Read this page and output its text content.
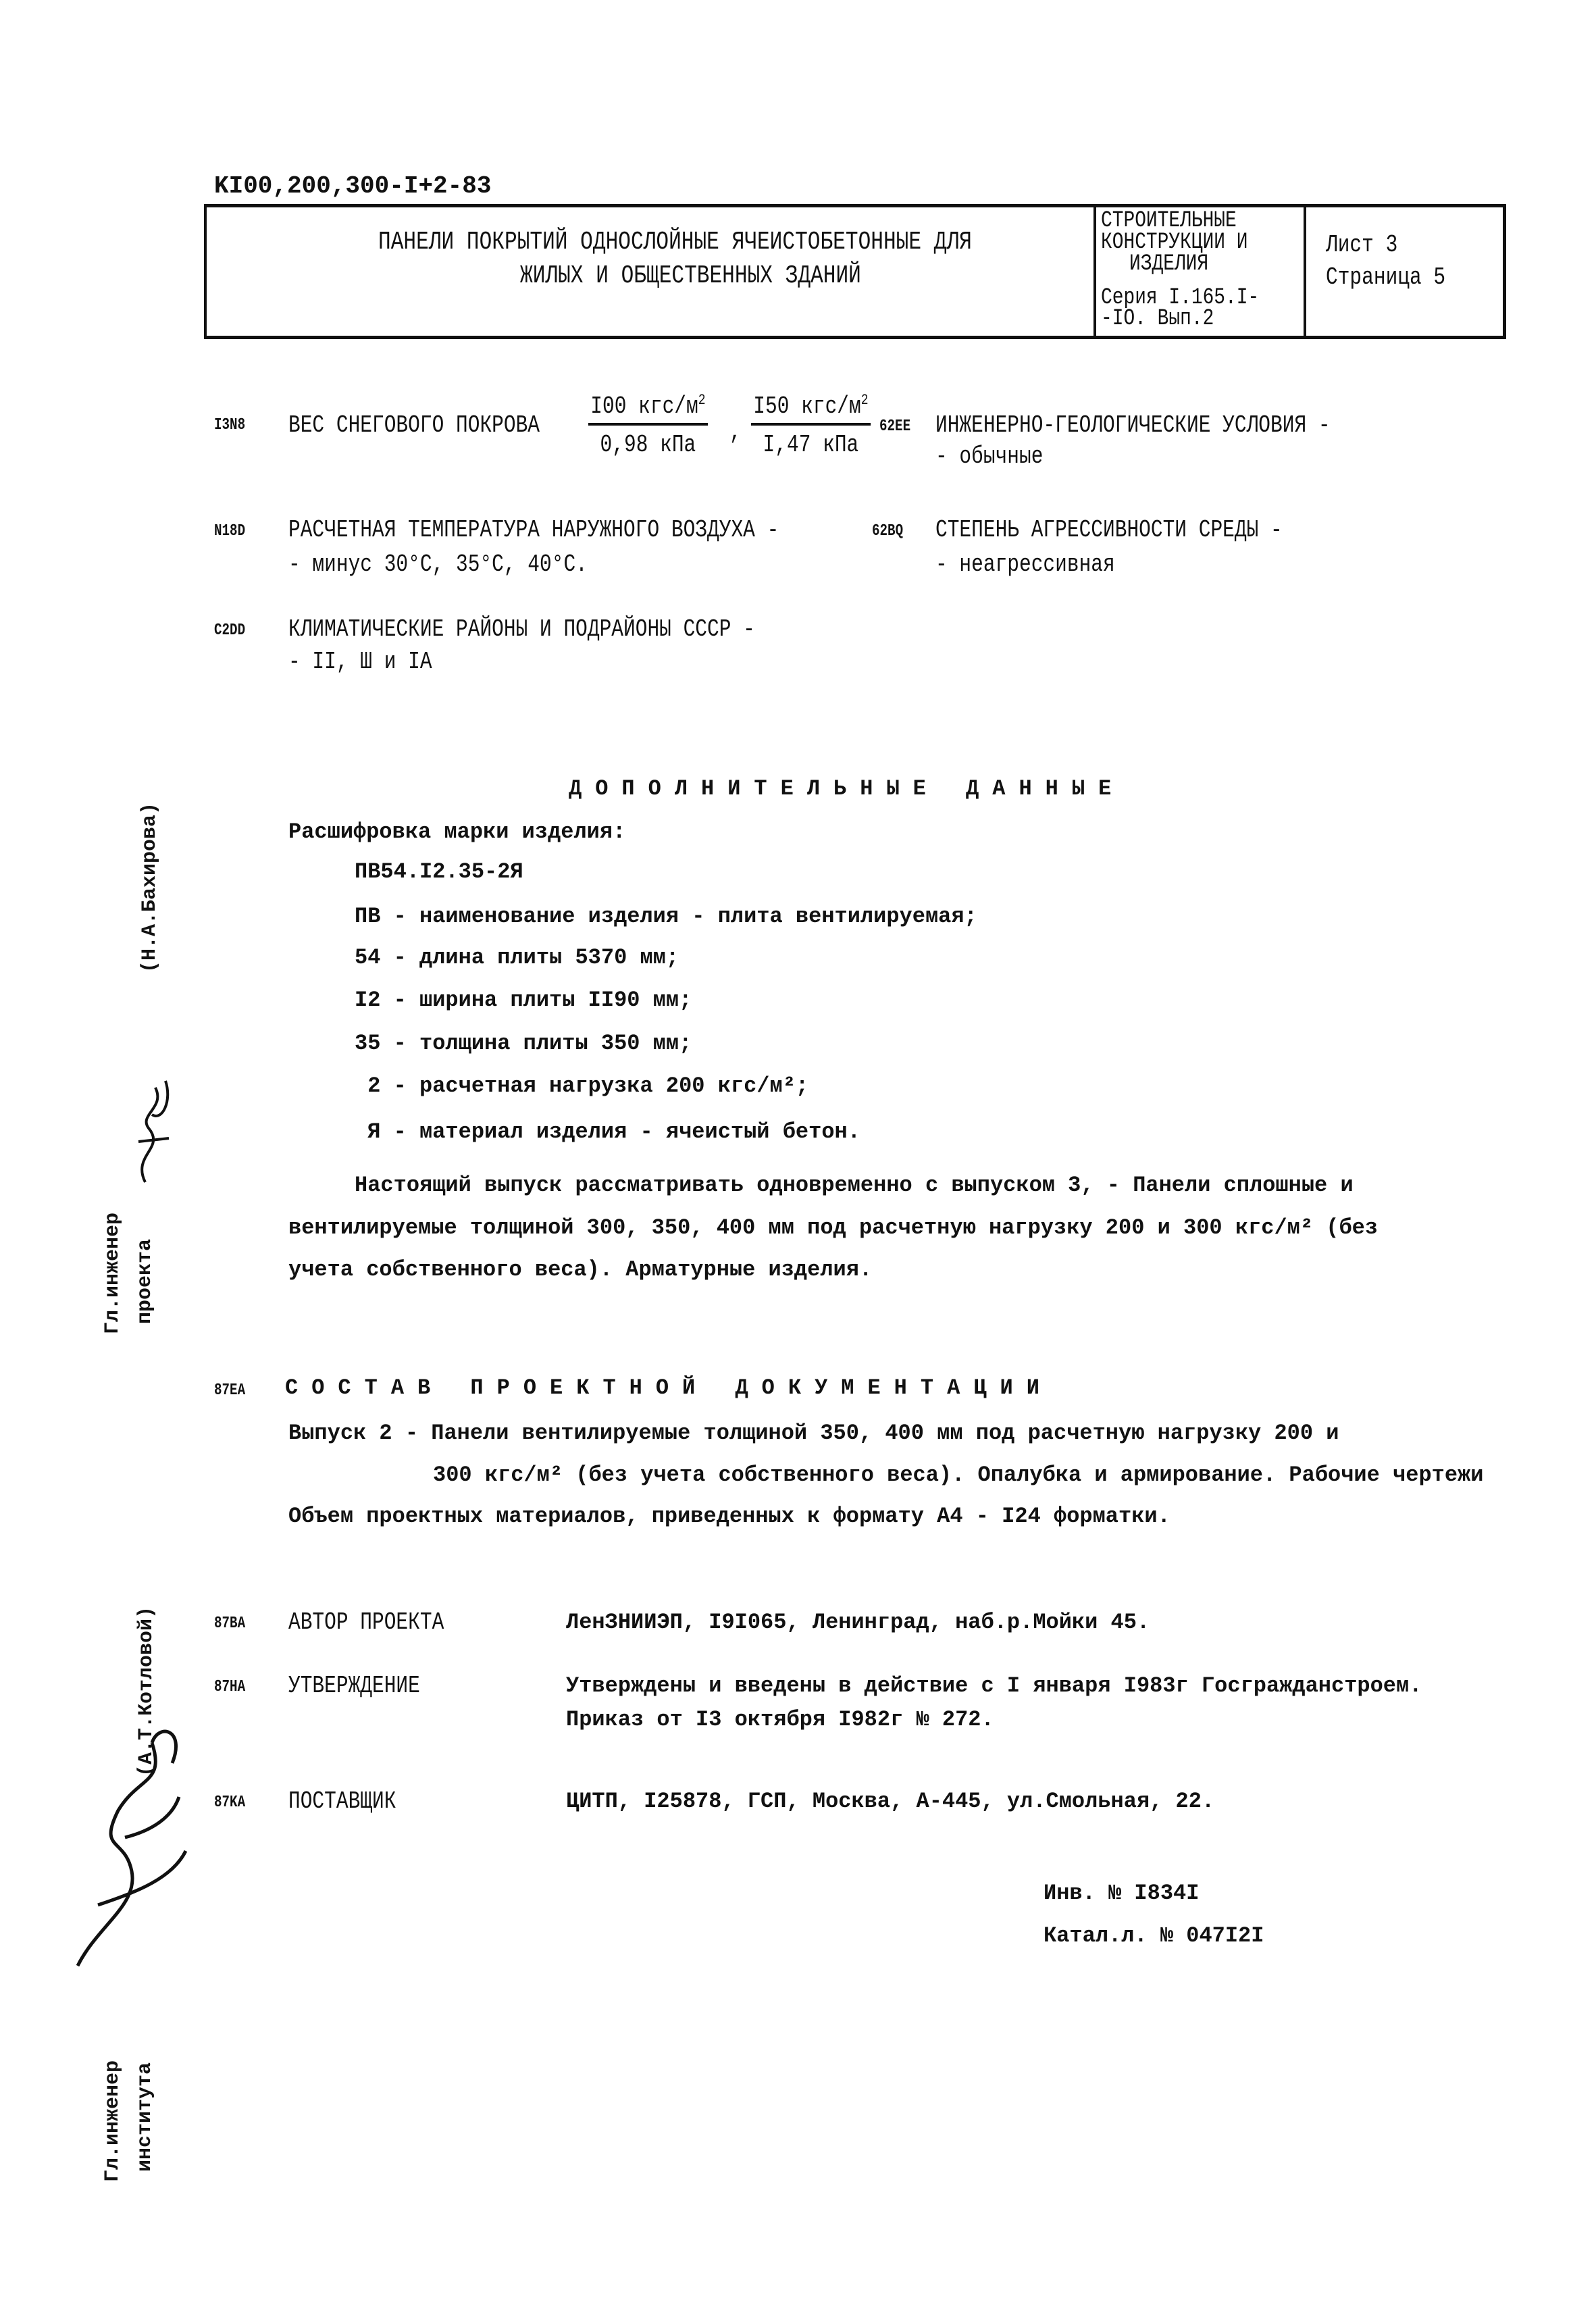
KI00,200,300-I+2-83
ПАНЕЛИ ПОКРЫТИЙ ОДНОСЛОЙНЫЕ ЯЧЕИСТОБЕТОННЫЕ ДЛЯ
ЖИЛЫХ И ОБЩЕСТВЕННЫХ ЗДАНИЙ
СТРОИТЕЛЬНЫЕ
КОНСТРУКЦИИ И
ИЗДЕЛИЯ
Серия I.165.I-
-IO. Вып.2
Лист 3
Страница 5
I3N8 ВЕС СНЕГОВОГО ПОКРОВА
I00 кгс/$м^2$
0,98 кПа	,
I50 кгс/$м^2$
I,47 кПа
62EE ИНЖЕНЕРНО-ГЕОЛОГИЧЕСКИЕ УСЛОВИЯ -
- обычные
N18D РАСЧЕТНАЯ ТЕМПЕРАТУРА НАРУЖНОГО ВОЗДУХА -
- минус 30°С, 35°С, 40°С.
62BQ СТЕПЕНЬ АГРЕССИВНОСТИ СРЕДЫ -
- неагрессивная
C2DD КЛИМАТИЧЕСКИЕ РАЙОНЫ И ПОДРАЙОНЫ СССР -
- II, Ш и IA
ДОПОЛНИТЕЛЬНЫЕ ДАННЫЕ
Расшифровка марки изделия:
ПВ54.I2.35-2Я
ПВ - наименование изделия - плита вентилируемая;
54 - длина плиты 5370 мм;
I2 - ширина плиты II90 мм;
35 - толщина плиты 350 мм;
2 - расчетная нагрузка 200 кгс/м²;
Я - материал изделия - ячеистый бетон.
Настоящий выпуск рассматривать одновременно с выпуском 3, - Панели сплошные и
вентилируемые толщиной 300, 350, 400 мм под расчетную нагрузку 200 и 300 кгс/м² (без
учета собственного веса). Арматурные изделия.
87EA СОСТАВ ПРОЕКТНОЙ ДОКУМЕНТАЦИИ
Выпуск 2 - Панели вентилируемые толщиной 350, 400 мм под расчетную нагрузку 200 и
300 кгс/м² (без учета собственного веса). Опалубка и армирование. Рабочие чертежи
Объем проектных материалов, приведенных к формату А4 - I24 форматки.
87BA АВТОР ПРОЕКТА	ЛенЗНИИЭП, I9I065, Ленинград, наб.р.Мойки 45.
87HA УТВЕРЖДЕНИЕ	Утверждены и введены в действие с I января I983г Госгражданстроем.
Приказ от I3 октября I982г № 272.
87KA ПОСТАВЩИК	ЦИТП, I25878, ГСП, Москва, А-445, ул.Смольная, 22.
Инв. № I834I
Катал.л. № 047I2I
(Н.А.Бахирова)
Гл.инженер проекта
(А.Т.Котловой)
Гл.инженер института
